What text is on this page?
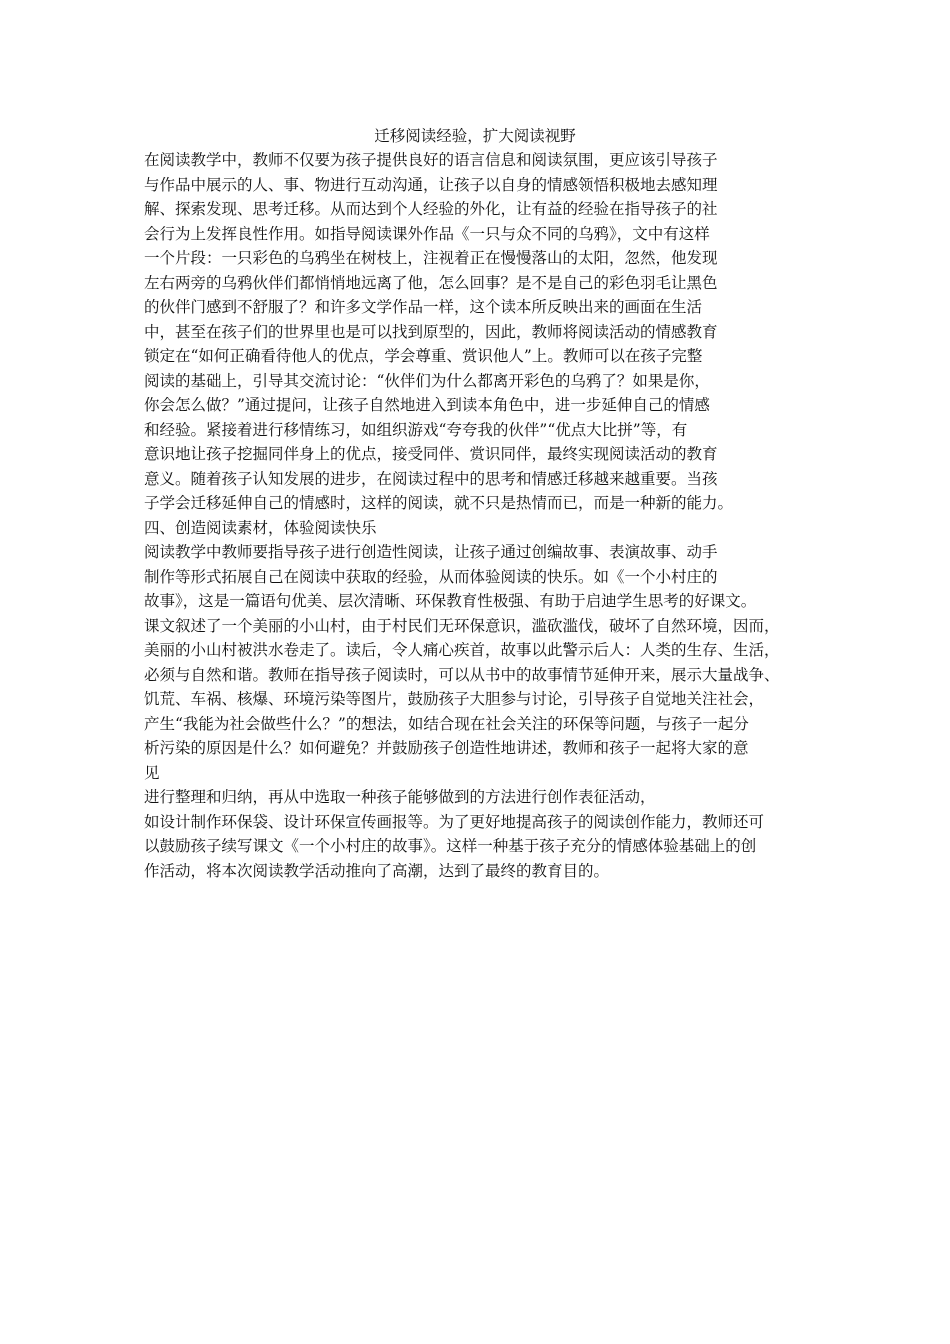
迁移阅读经验，扩大阅读视野
在阅读教学中，教师不仅要为孩子提供良好的语言信息和阅读氛围，更应该引导孩子
与作品中展示的人、事、物进行互动沟通，让孩子以自身的情感领悟积极地去感知理
解、探索发现、思考迁移。从而达到个人经验的外化，让有益的经验在指导孩子的社
会行为上发挥良性作用。如指导阅读课外作品《一只与众不同的乌鸦》，文中有这样
一个片段：一只彩色的乌鸦坐在树枝上，注视着正在慢慢落山的太阳，忽然，他发现
左右两旁的乌鸦伙伴们都悄悄地远离了他，怎么回事？是不是自己的彩色羽毛让黑色
的伙伴门感到不舒服了？和许多文学作品一样，这个读本所反映出来的画面在生活
中，甚至在孩子们的世界里也是可以找到原型的，因此，教师将阅读活动的情感教育
锁定在“如何正确看待他人的优点，学会尊重、赏识他人”上。教师可以在孩子完整
阅读的基础上，引导其交流讨论：“伙伴们为什么都离开彩色的乌鸦了？如果是你，
你会怎么做？”通过提问，让孩子自然地进入到读本角色中，进一步延伸自己的情感
和经验。紧接着进行移情练习，如组织游戏“夸夸我的伙伴”“优点大比拼”等，有
意识地让孩子挖掘同伴身上的优点，接受同伴、赏识同伴，最终实现阅读活动的教育
意义。随着孩子认知发展的进步，在阅读过程中的思考和情感迁移越来越重要。当孩
子学会迁移延伸自己的情感时，这样的阅读，就不只是热情而已，而是一种新的能力。
四、创造阅读素材，体验阅读快乐
阅读教学中教师要指导孩子进行创造性阅读，让孩子通过创编故事、表演故事、动手
制作等形式拓展自己在阅读中获取的经验，从而体验阅读的快乐。如《一个小村庄的
故事》，这是一篇语句优美、层次清晰、环保教育性极强、有助于启迪学生思考的好课文。
课文叙述了一个美丽的小山村，由于村民们无环保意识，滥砍滥伐，破坏了自然环境，因而，
美丽的小山村被洪水卷走了。读后，令人痛心疾首，故事以此警示后人：人类的生存、生活，
必须与自然和谐。教师在指导孩子阅读时，可以从书中的故事情节延伸开来，展示大量战争、
饥荒、车祸、核爆、环境污染等图片，鼓励孩子大胆参与讨论，引导孩子自觉地关注社会，
产生“我能为社会做些什么？”的想法，如结合现在社会关注的环保等问题，与孩子一起分
析污染的原因是什么？如何避免？并鼓励孩子创造性地讲述，教师和孩子一起将大家的意
见
进行整理和归纳，再从中选取一种孩子能够做到的方法进行创作表征活动，
如设计制作环保袋、设计环保宣传画报等。为了更好地提高孩子的阅读创作能力，教师还可
以鼓励孩子续写课文《一个小村庄的故事》。这样一种基于孩子充分的情感体验基础上的创
作活动，将本次阅读教学活动推向了高潮，达到了最终的教育目的。
